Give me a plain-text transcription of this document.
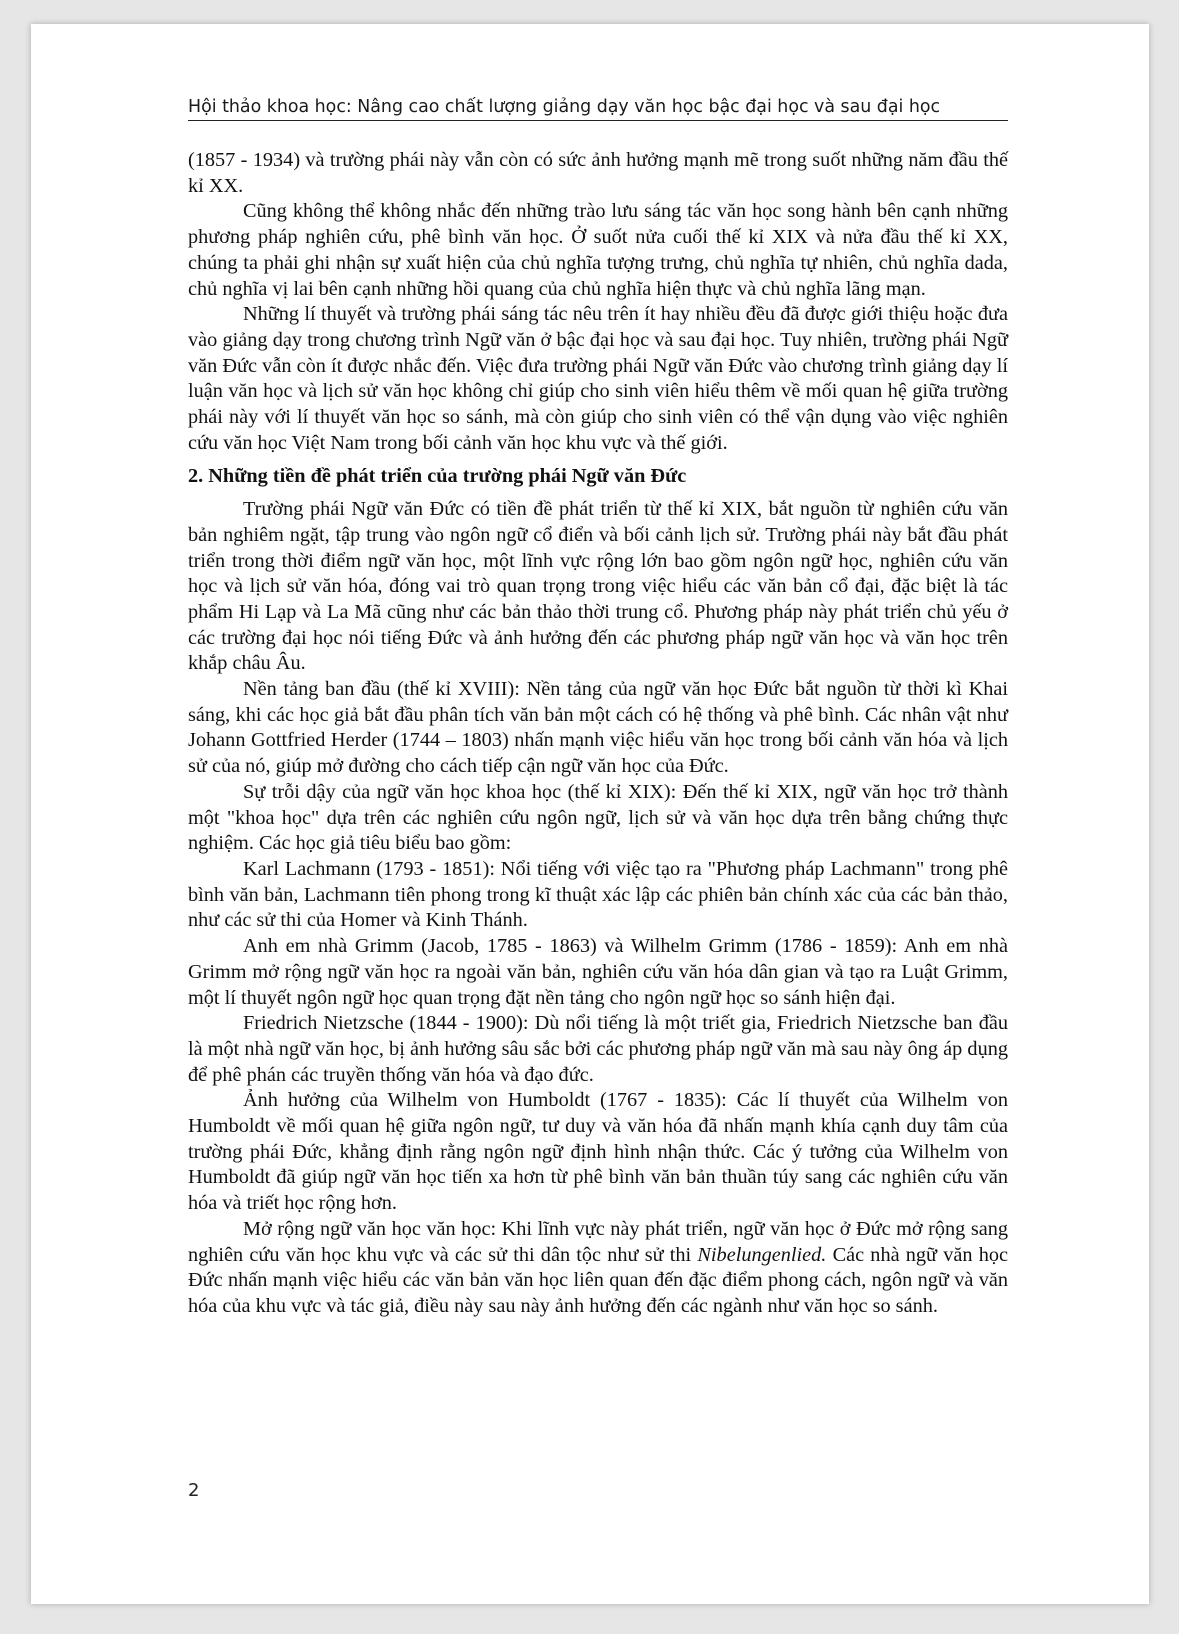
Hội thảo khoa học: Nâng cao chất lượng giảng dạy văn học bậc đại học và sau đại học

(1857 - 1934) và trường phái này vẫn còn có sức ảnh hưởng mạnh mẽ trong suốt những năm đầu thế kỉ XX.

Cũng không thể không nhắc đến những trào lưu sáng tác văn học song hành bên cạnh những phương pháp nghiên cứu, phê bình văn học. Ở suốt nửa cuối thế kỉ XIX và nửa đầu thế kỉ XX, chúng ta phải ghi nhận sự xuất hiện của chủ nghĩa tượng trưng, chủ nghĩa tự nhiên, chủ nghĩa dada, chủ nghĩa vị lai bên cạnh những hồi quang của chủ nghĩa hiện thực và chủ nghĩa lãng mạn.

Những lí thuyết và trường phái sáng tác nêu trên ít hay nhiều đều đã được giới thiệu hoặc đưa vào giảng dạy trong chương trình Ngữ văn ở bậc đại học và sau đại học. Tuy nhiên, trường phái Ngữ văn Đức vẫn còn ít được nhắc đến. Việc đưa trường phái Ngữ văn Đức vào chương trình giảng dạy lí luận văn học và lịch sử văn học không chỉ giúp cho sinh viên hiểu thêm về mối quan hệ giữa trường phái này với lí thuyết văn học so sánh, mà còn giúp cho sinh viên có thể vận dụng vào việc nghiên cứu văn học Việt Nam trong bối cảnh văn học khu vực và thế giới.

2. Những tiền đề phát triển của trường phái Ngữ văn Đức

Trường phái Ngữ văn Đức có tiền đề phát triển từ thế kỉ XIX, bắt nguồn từ nghiên cứu văn bản nghiêm ngặt, tập trung vào ngôn ngữ cổ điển và bối cảnh lịch sử. Trường phái này bắt đầu phát triển trong thời điểm ngữ văn học, một lĩnh vực rộng lớn bao gồm ngôn ngữ học, nghiên cứu văn học và lịch sử văn hóa, đóng vai trò quan trọng trong việc hiểu các văn bản cổ đại, đặc biệt là tác phẩm Hi Lạp và La Mã cũng như các bản thảo thời trung cổ. Phương pháp này phát triển chủ yếu ở các trường đại học nói tiếng Đức và ảnh hưởng đến các phương pháp ngữ văn học và văn học trên khắp châu Âu.

Nền tảng ban đầu (thế kỉ XVIII): Nền tảng của ngữ văn học Đức bắt nguồn từ thời kì Khai sáng, khi các học giả bắt đầu phân tích văn bản một cách có hệ thống và phê bình. Các nhân vật như Johann Gottfried Herder (1744 – 1803) nhấn mạnh việc hiểu văn học trong bối cảnh văn hóa và lịch sử của nó, giúp mở đường cho cách tiếp cận ngữ văn học của Đức.

Sự trỗi dậy của ngữ văn học khoa học (thế kỉ XIX): Đến thế kỉ XIX, ngữ văn học trở thành một "khoa học" dựa trên các nghiên cứu ngôn ngữ, lịch sử và văn học dựa trên bằng chứng thực nghiệm. Các học giả tiêu biểu bao gồm:

Karl Lachmann (1793 - 1851): Nổi tiếng với việc tạo ra "Phương pháp Lachmann" trong phê bình văn bản, Lachmann tiên phong trong kĩ thuật xác lập các phiên bản chính xác của các bản thảo, như các sử thi của Homer và Kinh Thánh.

Anh em nhà Grimm (Jacob, 1785 - 1863) và Wilhelm Grimm (1786 - 1859): Anh em nhà Grimm mở rộng ngữ văn học ra ngoài văn bản, nghiên cứu văn hóa dân gian và tạo ra Luật Grimm, một lí thuyết ngôn ngữ học quan trọng đặt nền tảng cho ngôn ngữ học so sánh hiện đại.

Friedrich Nietzsche (1844 - 1900): Dù nổi tiếng là một triết gia, Friedrich Nietzsche ban đầu là một nhà ngữ văn học, bị ảnh hưởng sâu sắc bởi các phương pháp ngữ văn mà sau này ông áp dụng để phê phán các truyền thống văn hóa và đạo đức.

Ảnh hưởng của Wilhelm von Humboldt (1767 - 1835): Các lí thuyết của Wilhelm von Humboldt về mối quan hệ giữa ngôn ngữ, tư duy và văn hóa đã nhấn mạnh khía cạnh duy tâm của trường phái Đức, khẳng định rằng ngôn ngữ định hình nhận thức. Các ý tưởng của Wilhelm von Humboldt đã giúp ngữ văn học tiến xa hơn từ phê bình văn bản thuần túy sang các nghiên cứu văn hóa và triết học rộng hơn.

Mở rộng ngữ văn học văn học: Khi lĩnh vực này phát triển, ngữ văn học ở Đức mở rộng sang nghiên cứu văn học khu vực và các sử thi dân tộc như sử thi Nibelungenlied. Các nhà ngữ văn học Đức nhấn mạnh việc hiểu các văn bản văn học liên quan đến đặc điểm phong cách, ngôn ngữ và văn hóa của khu vực và tác giả, điều này sau này ảnh hưởng đến các ngành như văn học so sánh.

2
